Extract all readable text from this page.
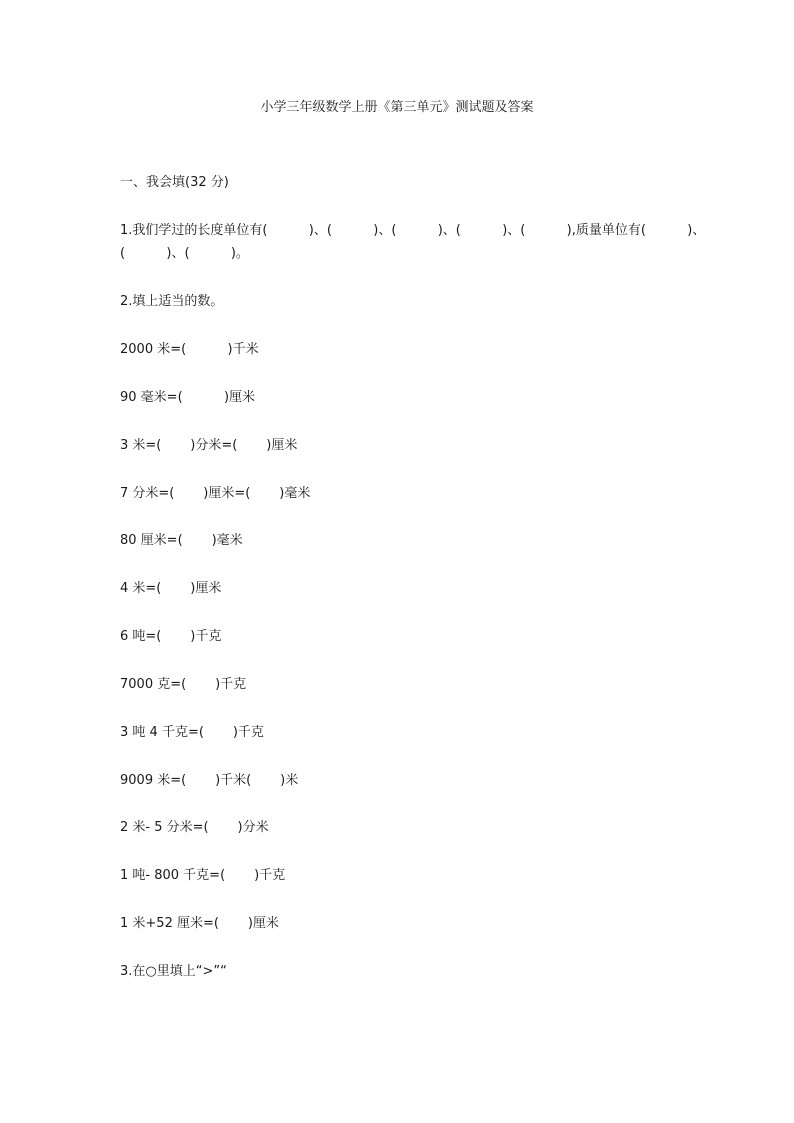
小学三年级数学上册《第三单元》测试题及答案
一、我会填(32 分)
1.我们学过的长度单位有(          )、(          )、(          )、(          )、(          ),质量单位有(          )、
(          )、(          )。
2.填上适当的数。
2000 米=(          )千米
90 毫米=(          )厘米
3 米=(       )分米=(       )厘米
7 分米=(       )厘米=(       )毫米
80 厘米=(       )毫米
4 米=(       )厘米
6 吨=(       )千克
7000 克=(       )千克
3 吨 4 千克=(       )千克
9009 米=(       )千米(       )米
2 米- 5 分米=(       )分米
1 吨- 800 千克=(       )千克
1 米+52 厘米=(       )厘米
3.在○里填上“>”“
